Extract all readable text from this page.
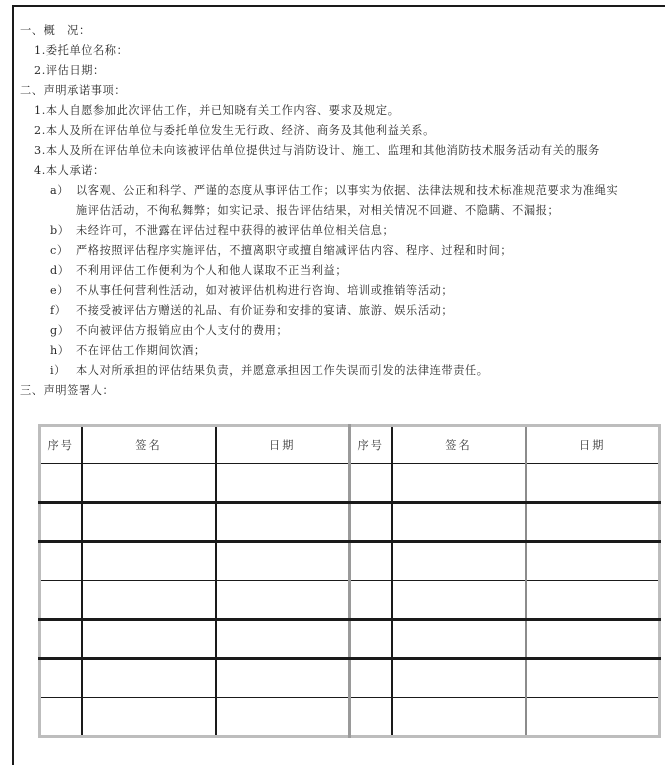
一、概　况：
1.委托单位名称：
2.评估日期：
二、声明承诺事项：
1.本人自愿参加此次评估工作，并已知晓有关工作内容、要求及规定。
2.本人及所在评估单位与委托单位发生无行政、经济、商务及其他利益关系。
3.本人及所在评估单位未向该被评估单位提供过与消防设计、施工、监理和其他消防技术服务活动有关的服务
4.本人承诺：
a） 以客观、公正和科学、严谨的态度从事评估工作；以事实为依据、法律法规和技术标准规范要求为准绳实
施评估活动，不徇私舞弊；如实记录、报告评估结果，对相关情况不回避、不隐瞒、不漏报；
b） 未经许可，不泄露在评估过程中获得的被评估单位相关信息；
c） 严格按照评估程序实施评估，不擅离职守或擅自缩减评估内容、程序、过程和时间；
d） 不利用评估工作便利为个人和他人谋取不正当利益；
e） 不从事任何营利性活动，如对被评估机构进行咨询、培训或推销等活动；
f） 不接受被评估方赠送的礼品、有价证券和安排的宴请、旅游、娱乐活动；
g） 不向被评估方报销应由个人支付的费用；
h） 不在评估工作期间饮酒；
i） 本人对所承担的评估结果负责，并愿意承担因工作失误而引发的法律连带责任。
三、声明签署人：
序号	签名	日期	序号	签名	日期
